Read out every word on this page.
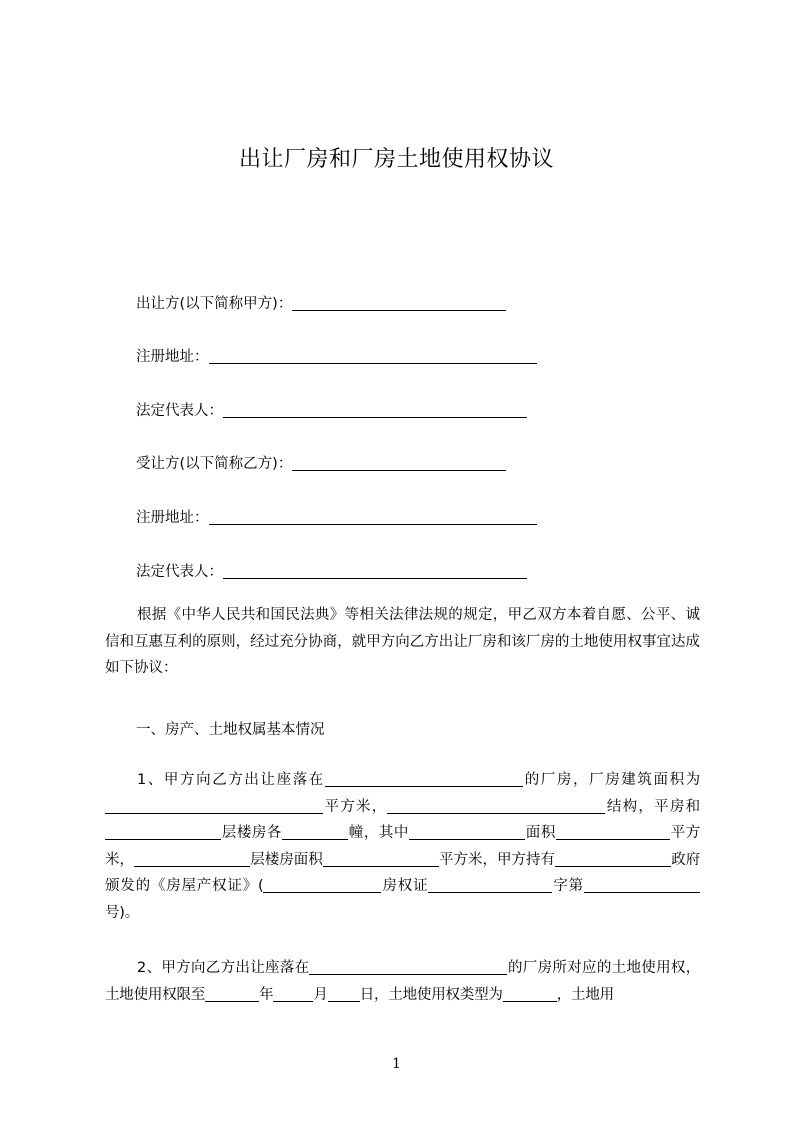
出让厂房和厂房土地使用权协议
出让方(以下简称甲方)：
注册地址：
法定代表人：
受让方(以下简称乙方)：
注册地址：
法定代表人：
根据《中华人民共和国民法典》等相关法律法规的规定，甲乙双方本着自愿、公平、诚信和互惠互利的原则，经过充分协商，就甲方向乙方出让厂房和该厂房的土地使用权事宜达成如下协议：
一、房产、土地权属基本情况
1、甲方向乙方出让座落在	的厂房，厂房建筑面积为平方米，	结构，平房和层楼房各	幢，其中	面积	平方米，	层楼房面积	平方米，甲方持有	政府颁发的《房屋产权证》(	房权证	字第号)。
2、甲方向乙方出让座落在	的厂房所对应的土地使用权，土地使用权限至	年	月 日，土地使用权类型为	，土地用
1
